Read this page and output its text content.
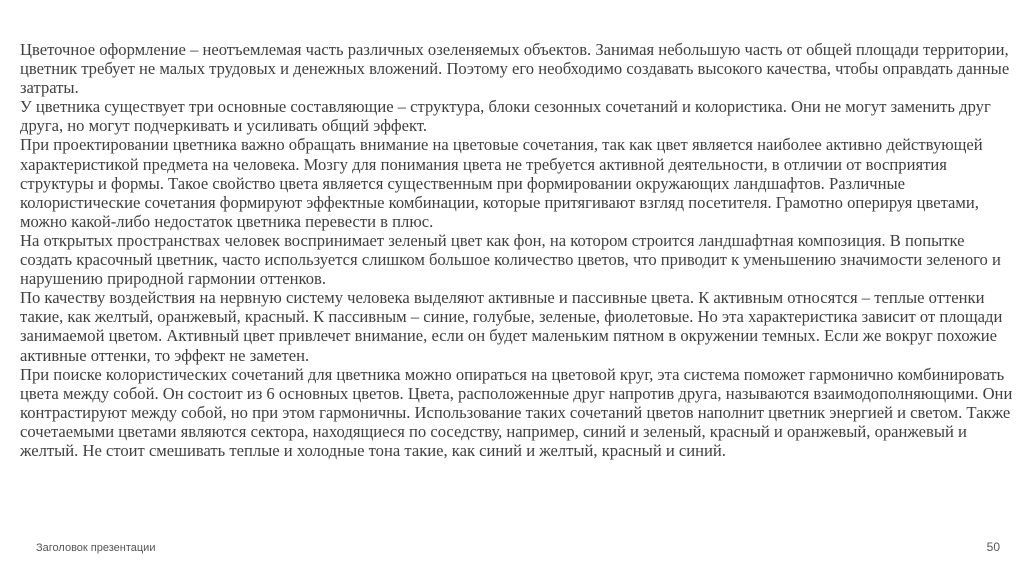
Цветочное оформление – неотъемлемая часть различных озеленяемых объектов. Занимая небольшую часть от общей площади территории, цветник требует не малых трудовых и денежных вложений. Поэтому его необходимо создавать высокого качества, чтобы оправдать данные затраты.

У цветника существует три основные составляющие – структура, блоки сезонных сочетаний и колористика. Они не могут заменить друг друга, но могут подчеркивать и усиливать общий эффект.

При проектировании цветника важно обращать внимание на цветовые сочетания, так как цвет является наиболее активно действующей характеристикой предмета на человека. Мозгу для понимания цвета не требуется активной деятельности, в отличии от восприятия структуры и формы. Такое свойство цвета является существенным при формировании окружающих ландшафтов. Различные колористические сочетания формируют эффектные комбинации, которые притягивают взгляд посетителя. Грамотно оперируя цветами, можно какой-либо недостаток цветника перевести в плюс.

На открытых пространствах человек воспринимает зеленый цвет как фон, на котором строится ландшафтная композиция. В попытке создать красочный цветник, часто используется слишком большое количество цветов, что приводит к уменьшению значимости зеленого и нарушению природной гармонии оттенков.

По качеству воздействия на нервную систему человека выделяют активные и пассивные цвета. К активным относятся – теплые оттенки такие, как желтый, оранжевый, красный. К пассивным – синие, голубые, зеленые, фиолетовые. Но эта характеристика зависит от площади занимаемой цветом. Активный цвет привлечет внимание, если он будет маленьким пятном в окружении темных. Если же вокруг похожие активные оттенки, то эффект не заметен.

При поиске колористических сочетаний для цветника можно опираться на цветовой круг, эта система поможет гармонично комбинировать цвета между собой. Он состоит из 6 основных цветов. Цвета, расположенные друг напротив друга, называются взаимодополняющими. Они контрастируют между собой, но при этом гармоничны. Использование таких сочетаний цветов наполнит цветник энергией и светом. Также сочетаемыми цветами являются сектора, находящиеся по соседству, например, синий и зеленый, красный и оранжевый, оранжевый и желтый. Не стоит смешивать теплые и холодные тона такие, как синий и желтый, красный и синий.

Заголовок презентации	50
